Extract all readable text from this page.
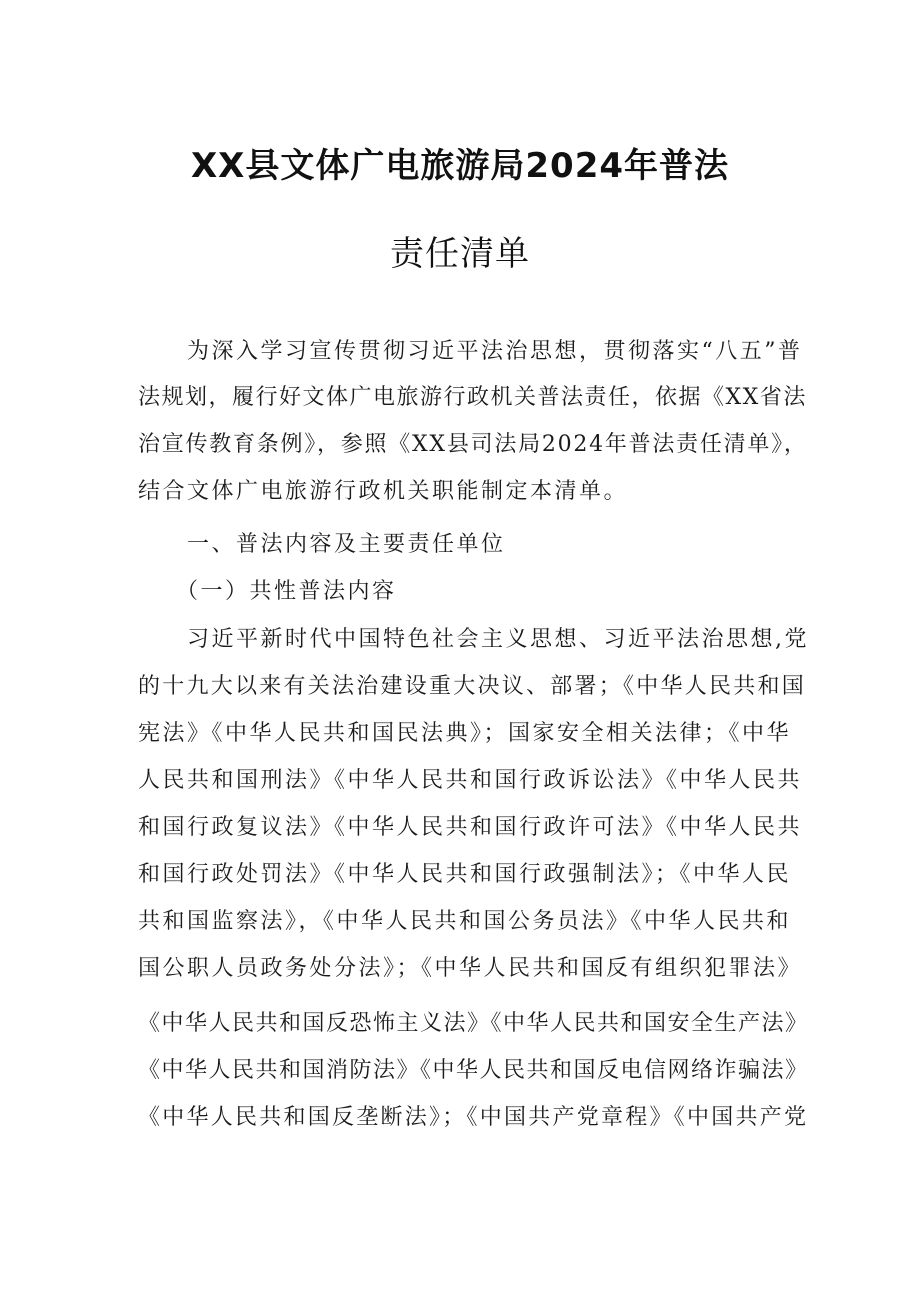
XX县文体广电旅游局2024年普法
责任清单
　　为深入学习宣传贯彻习近平法治思想，贯彻落实“八五”普
法规划，履行好文体广电旅游行政机关普法责任，依据《XX省法
治宣传教育条例》，参照《XX县司法局2024年普法责任清单》，
结合文体广电旅游行政机关职能制定本清单。
　　一、普法内容及主要责任单位
　　（一）共性普法内容
　　习近平新时代中国特色社会主义思想、习近平法治思想,党
的十九大以来有关法治建设重大决议、部署；《中华人民共和国
宪法》《中华人民共和国民法典》；国家安全相关法律；《中华
人民共和国刑法》《中华人民共和国行政诉讼法》《中华人民共
和国行政复议法》《中华人民共和国行政许可法》《中华人民共
和国行政处罚法》《中华人民共和国行政强制法》；《中华人民
共和国监察法》，《中华人民共和国公务员法》《中华人民共和
国公职人员政务处分法》；《中华人民共和国反有组织犯罪法》
《中华人民共和国反恐怖主义法》《中华人民共和国安全生产法》
《中华人民共和国消防法》《中华人民共和国反电信网络诈骗法》
《中华人民共和国反垄断法》；《中国共产党章程》《中国共产党
